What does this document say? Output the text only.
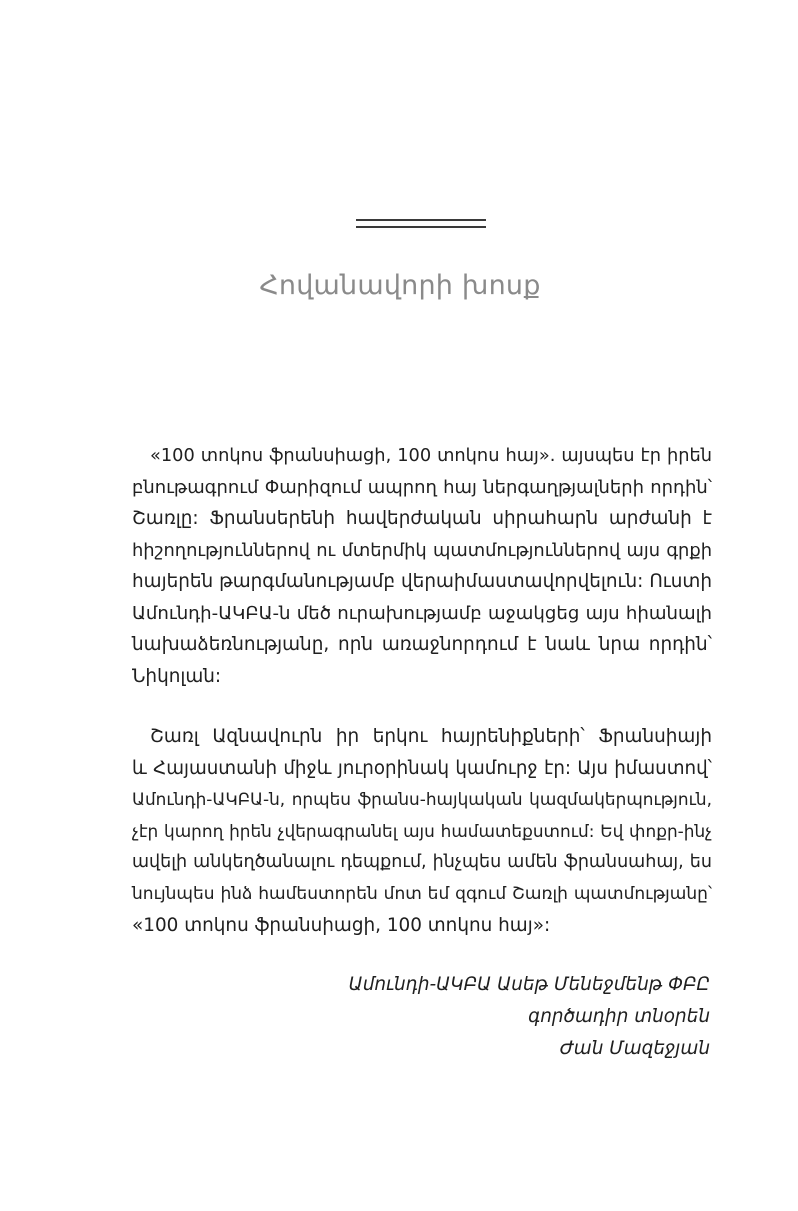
Հովանավորի խոսք
«100 տոկոս ֆրանսիացի, 100 տոկոս հայ». այսպես էր իրեն
բնութագրում Փարիզում ապրող հայ ներգաղթյալների որդին՝
Շառլը: Ֆրանսերենի հավերժական սիրահարն արժանի է
հիշողություններով ու մտերմիկ պատմություններով այս գրքի
հայերեն թարգմանությամբ վերաիմաստավորվելուն: Ուստի
Ամունդի-ԱԿԲԱ-ն մեծ ուրախությամբ աջակցեց այս հիանալի
նախաձեռնությանը, որն առաջնորդում է նաև նրա որդին՝
Նիկոլան:
Շառլ Ազնավուրն իր երկու հայրենիքների՝ Ֆրանսիայի
և Հայաստանի միջև յուրօրինակ կամուրջ էր: Այս իմաստով՝
Ամունդի-ԱԿԲԱ-ն, որպես ֆրանս-հայկական կազմակերպություն,
չէր կարող իրեն չվերագրանել այս համատեքստում: Եվ փոքր-ինչ
ավելի անկեղծանալու դեպքում, ինչպես ամեն ֆրանսահայ, ես
նույնպես ինձ համեստորեն մոտ եմ զգում Շառլի պատմությանը՝
«100 տոկոս ֆրանսիացի, 100 տոկոս հայ»:
Ամունդի-ԱԿԲԱ Ասեթ Մենեջմենթ ՓԲԸ
գործադիր տնօրեն
Ժան Մազեջյան
